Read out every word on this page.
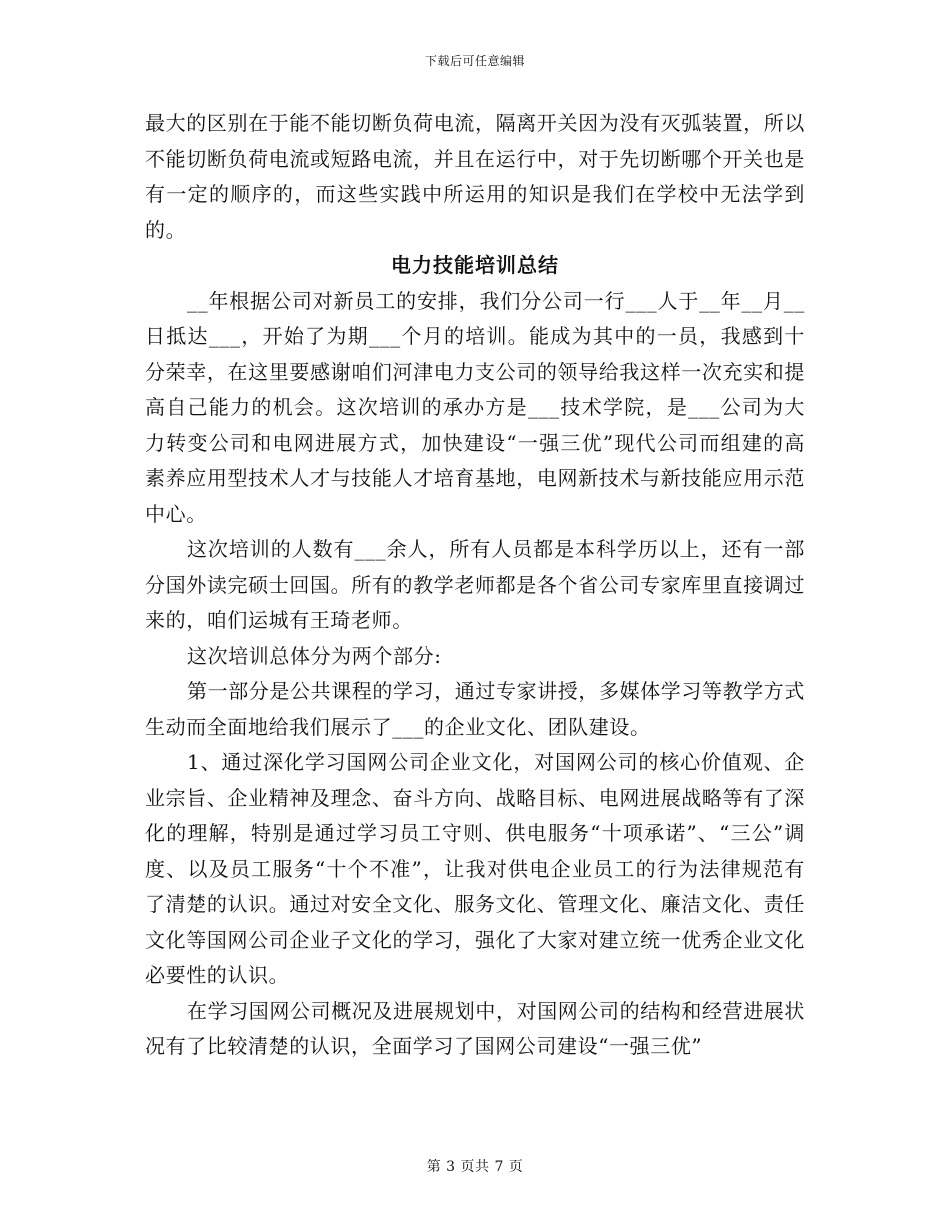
下载后可任意编辑

最大的区别在于能不能切断负荷电流，隔离开关因为没有灭弧装置，所以不能切断负荷电流或短路电流，并且在运行中，对于先切断哪个开关也是有一定的顺序的，而这些实践中所运用的知识是我们在学校中无法学到的。

电力技能培训总结

__年根据公司对新员工的安排，我们分公司一行___人于__年__月__日抵达___，开始了为期___个月的培训。能成为其中的一员，我感到十分荣幸，在这里要感谢咱们河津电力支公司的领导给我这样一次充实和提高自己能力的机会。这次培训的承办方是___技术学院，是___公司为大力转变公司和电网进展方式，加快建设“一强三优”现代公司而组建的高素养应用型技术人才与技能人才培育基地，电网新技术与新技能应用示范中心。

这次培训的人数有___余人，所有人员都是本科学历以上，还有一部分国外读完硕士回国。所有的教学老师都是各个省公司专家库里直接调过来的，咱们运城有王琦老师。

这次培训总体分为两个部分:

第一部分是公共课程的学习，通过专家讲授，多媒体学习等教学方式生动而全面地给我们展示了___的企业文化、团队建设。

1、通过深化学习国网公司企业文化，对国网公司的核心价值观、企业宗旨、企业精神及理念、奋斗方向、战略目标、电网进展战略等有了深化的理解，特别是通过学习员工守则、供电服务“十项承诺”、“三公”调度、以及员工服务“十个不准”，让我对供电企业员工的行为法律规范有了清楚的认识。通过对安全文化、服务文化、管理文化、廉洁文化、责任文化等国网公司企业子文化的学习，强化了大家对建立统一优秀企业文化必要性的认识。

在学习国网公司概况及进展规划中，对国网公司的结构和经营进展状况有了比较清楚的认识，全面学习了国网公司建设“一强三优”

第 3 页共 7 页
